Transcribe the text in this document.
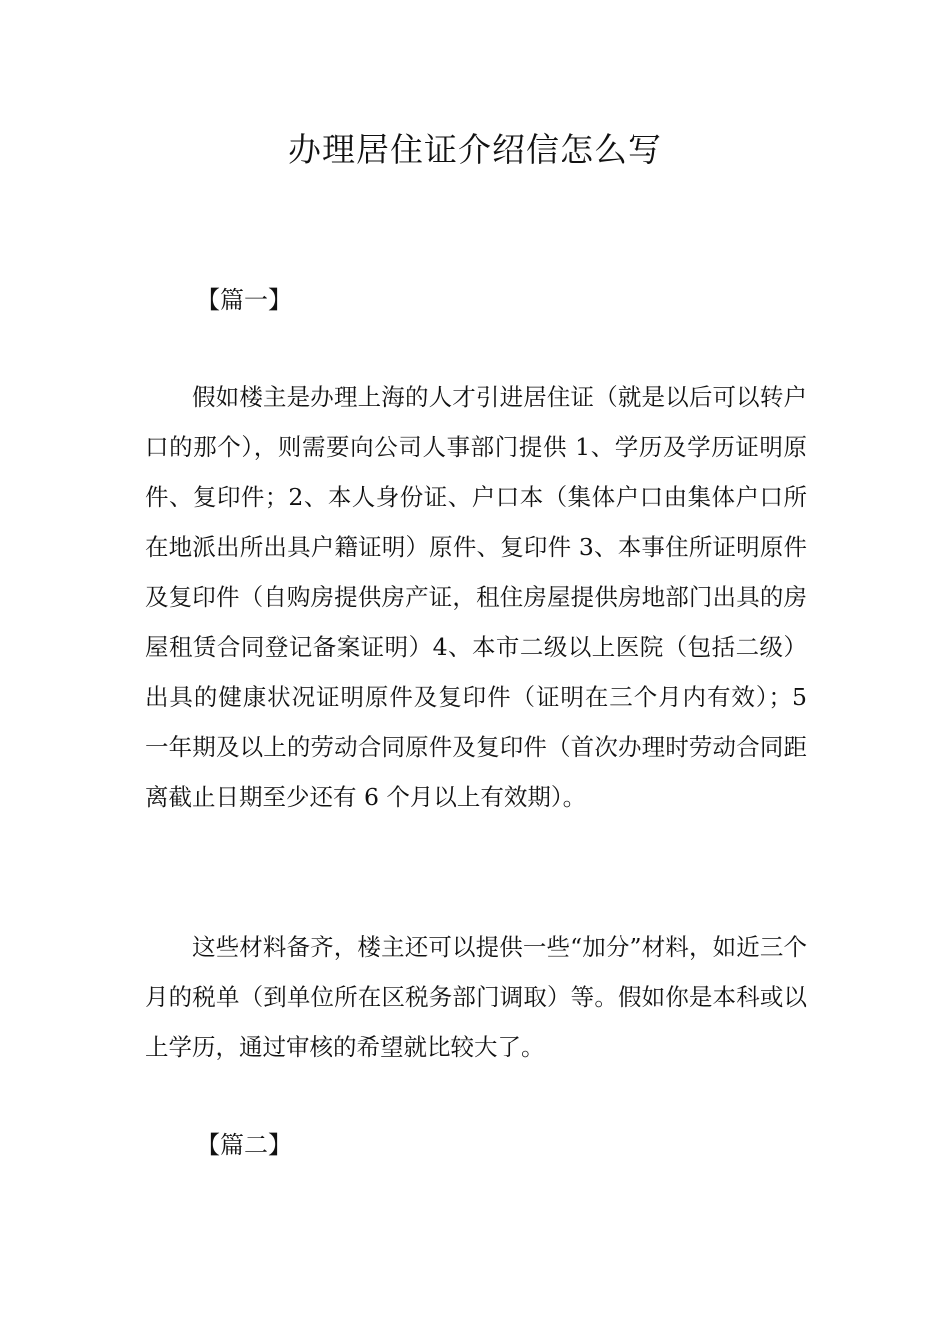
办理居住证介绍信怎么写
【篇一】

假如楼主是办理上海的人才引进居住证（就是以后可以转户口的那个），则需要向公司人事部门提供 1、学历及学历证明原件、复印件；2、本人身份证、户口本（集体户口由集体户口所在地派出所出具户籍证明）原件、复印件 3、本事住所证明原件及复印件（自购房提供房产证，租住房屋提供房地部门出具的房屋租赁合同登记备案证明）4、本市二级以上医院（包括二级）出具的健康状况证明原件及复印件（证明在三个月内有效）；5 一年期及以上的劳动合同原件及复印件（首次办理时劳动合同距离截止日期至少还有 6 个月以上有效期）。

这些材料备齐，楼主还可以提供一些“加分”材料，如近三个月的税单（到单位所在区税务部门调取）等。假如你是本科或以上学历，通过审核的希望就比较大了。

【篇二】
